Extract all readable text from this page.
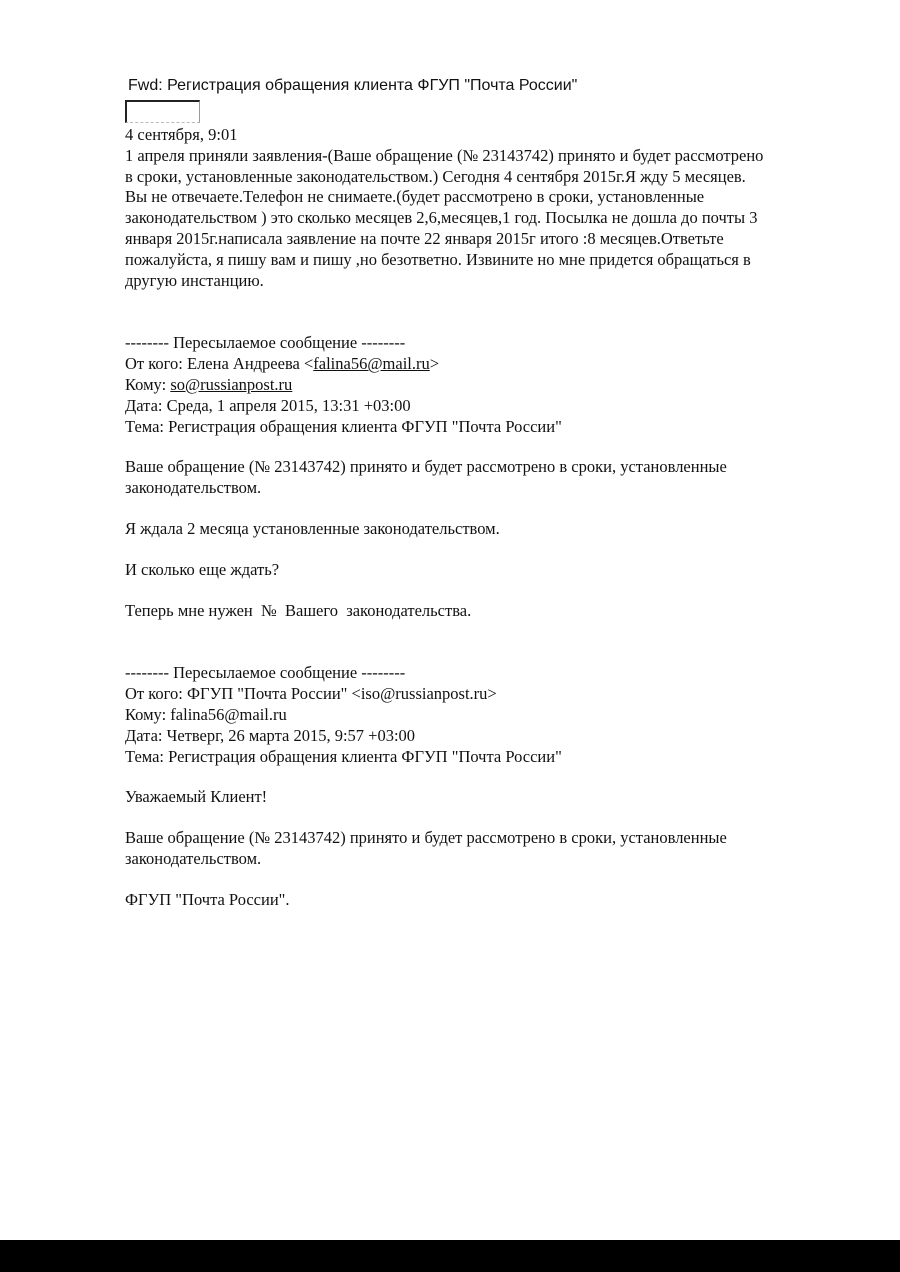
Fwd: Регистрация обращения клиента ФГУП "Почта России"
4 сентября, 9:01
1 апреля приняли заявления-(Ваше обращение (№ 23143742) принято и будет рассмотрено
в сроки, установленные законодательством.) Сегодня 4 сентября 2015г.Я жду 5 месяцев.
Вы не отвечаете.Телефон не снимаете.(будет рассмотрено в сроки, установленные
законодательством ) это сколько месяцев 2,6,месяцев,1 год. Посылка не дошла до почты 3
января 2015г.написала заявление на почте 22 января 2015г итого :8 месяцев.Ответьте
пожалуйста, я пишу вам и пишу ,но безответно. Извините но мне придется обращаться в
другую инстанцию.
-------- Пересылаемое сообщение --------
От кого: Елена Андреева <falina56@mail.ru>
Кому: so@russianpost.ru
Дата: Среда, 1 апреля 2015, 13:31 +03:00
Тема: Регистрация обращения клиента ФГУП "Почта России"
Ваше обращение (№ 23143742) принято и будет рассмотрено в сроки, установленные
законодательством.
Я ждала 2 месяца установленные законодательством.
И сколько еще ждать?
Теперь мне нужен  №  Вашего  законодательства.
-------- Пересылаемое сообщение --------
От кого: ФГУП "Почта России" <iso@russianpost.ru>
Кому: falina56@mail.ru
Дата: Четверг, 26 марта 2015, 9:57 +03:00
Тема: Регистрация обращения клиента ФГУП "Почта России"
Уважаемый Клиент!
Ваше обращение (№ 23143742) принято и будет рассмотрено в сроки, установленные
законодательством.
ФГУП "Почта России".
